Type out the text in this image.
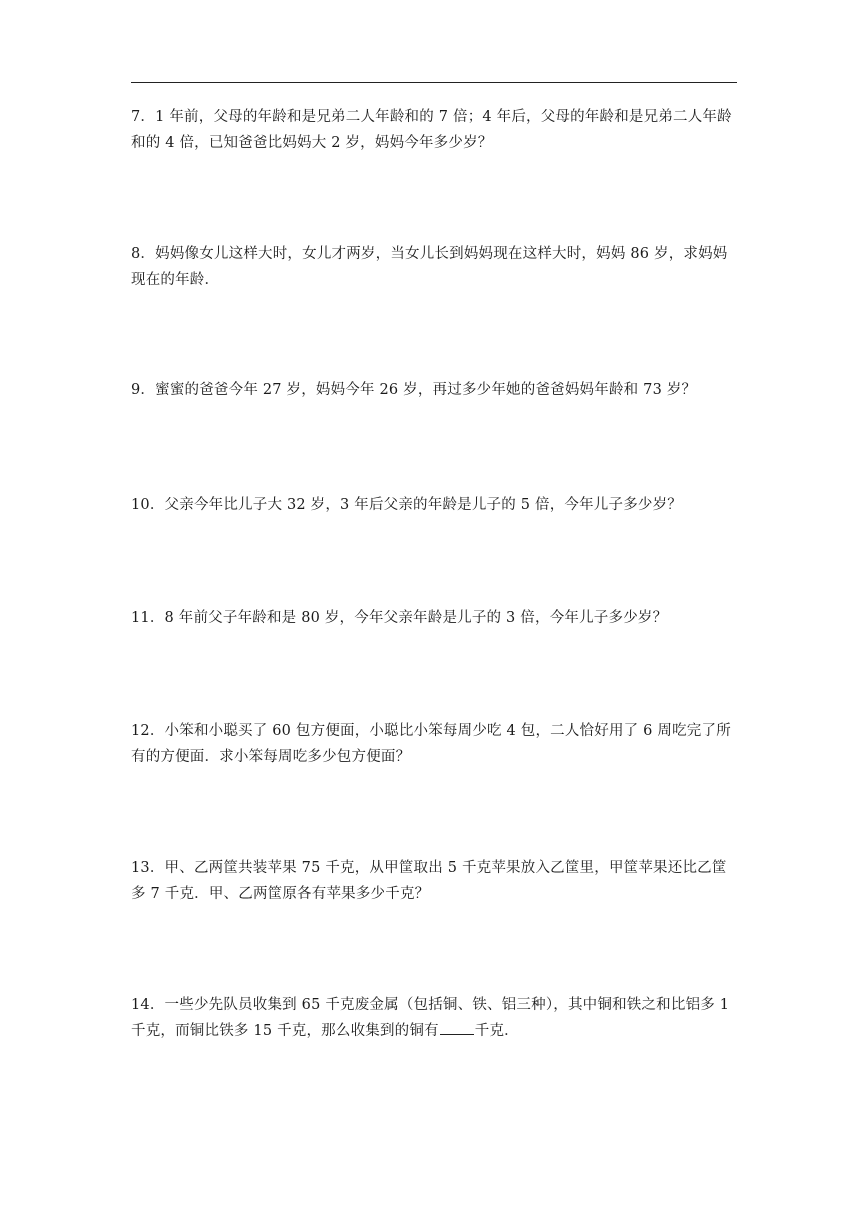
7．1 年前，父母的年龄和是兄弟二人年龄和的 7 倍；4 年后，父母的年龄和是兄弟二人年龄
和的 4 倍，已知爸爸比妈妈大 2 岁，妈妈今年多少岁？
8．妈妈像女儿这样大时，女儿才两岁，当女儿长到妈妈现在这样大时，妈妈 86 岁，求妈妈
现在的年龄．
9．蜜蜜的爸爸今年 27 岁，妈妈今年 26 岁，再过多少年她的爸爸妈妈年龄和 73 岁？
10．父亲今年比儿子大 32 岁，3 年后父亲的年龄是儿子的 5 倍，今年儿子多少岁？
11．8 年前父子年龄和是 80 岁，今年父亲年龄是儿子的 3 倍，今年儿子多少岁？
12．小笨和小聪买了 60 包方便面，小聪比小笨每周少吃 4 包，二人恰好用了 6 周吃完了所
有的方便面．求小笨每周吃多少包方便面？
13．甲、乙两筐共装苹果 75 千克，从甲筐取出 5 千克苹果放入乙筐里，甲筐苹果还比乙筐
多 7 千克．甲、乙两筐原各有苹果多少千克？
14．一些少先队员收集到 65 千克废金属（包括铜、铁、铝三种），其中铜和铁之和比铝多 1
千克，而铜比铁多 15 千克，那么收集到的铜有 千克．
